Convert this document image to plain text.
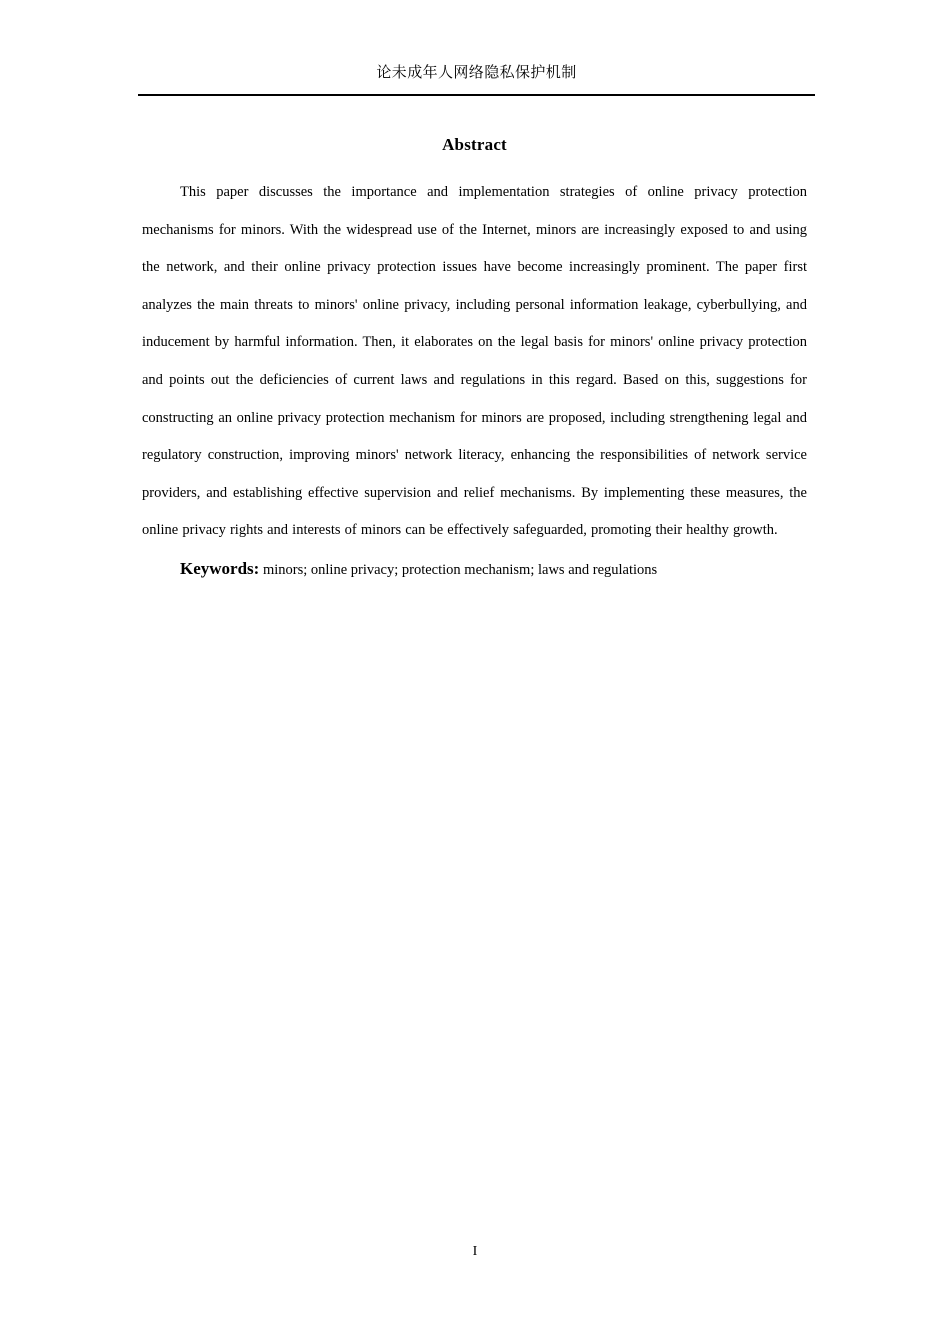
论未成年人网络隐私保护机制
Abstract

This paper discusses the importance and implementation strategies of online privacy protection mechanisms for minors. With the widespread use of the Internet, minors are increasingly exposed to and using the network, and their online privacy protection issues have become increasingly prominent. The paper first analyzes the main threats to minors' online privacy, including personal information leakage, cyberbullying, and inducement by harmful information. Then, it elaborates on the legal basis for minors' online privacy protection and points out the deficiencies of current laws and regulations in this regard. Based on this, suggestions for constructing an online privacy protection mechanism for minors are proposed, including strengthening legal and regulatory construction, improving minors' network literacy, enhancing the responsibilities of network service providers, and establishing effective supervision and relief mechanisms. By implementing these measures, the online privacy rights and interests of minors can be effectively safeguarded, promoting their healthy growth.

Keywords: minors; online privacy; protection mechanism; laws and regulations

I
